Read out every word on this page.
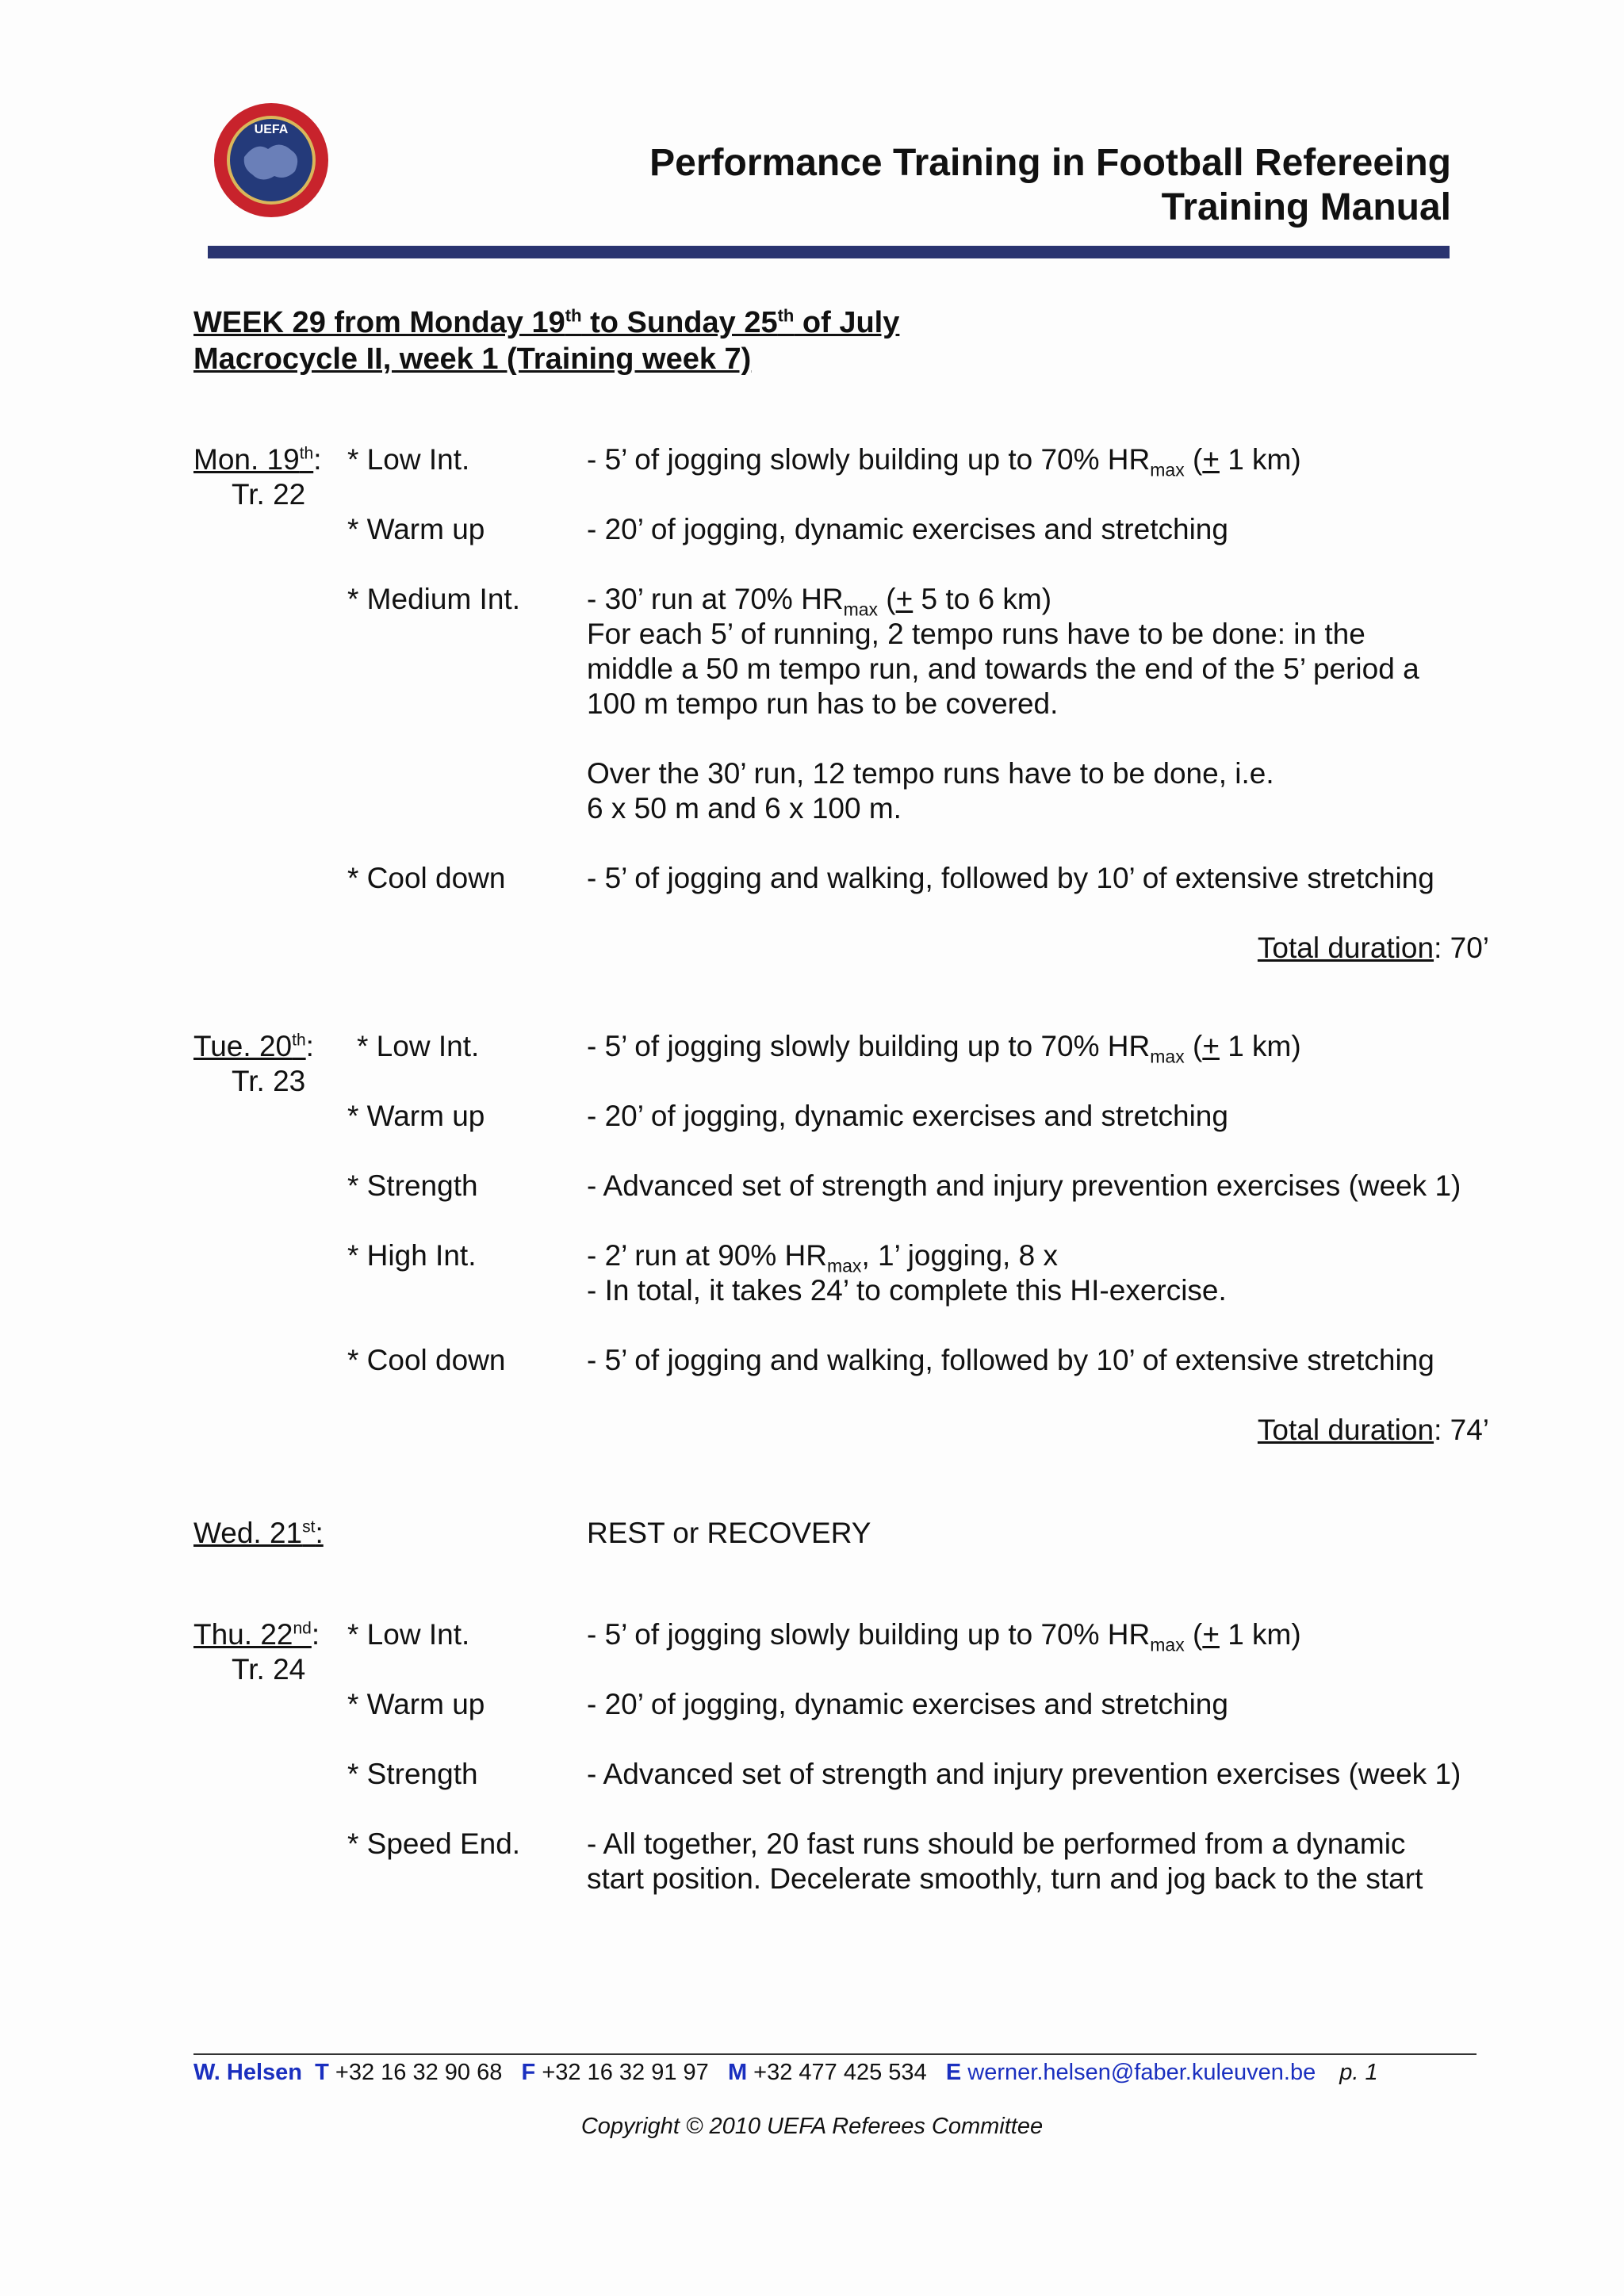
UEFA
Performance Training in Football Refereeing
Training Manual
WEEK 29 from Monday 19th to Sunday 25th of July
Macrocycle II, week 1 (Training week 7)
Mon. 19th:
Tr. 22
* Low Int.	- 5’ of jogging slowly building up to 70% $HR_{max}$ (+ 1 km)
* Warm up	- 20’ of jogging, dynamic exercises and stretching
* Medium Int. - 30’ run at 70% $HR_{max}$ (+ 5 to 6 km)
For each 5’ of running, 2 tempo runs have to be done: in the
middle a 50 m tempo run, and towards the end of the 5’ period a
100 m tempo run has to be covered.
Over the 30’ run, 12 tempo runs have to be done, i.e.
6 x 50 m and 6 x 100 m.
* Cool down	- 5’ of jogging and walking, followed by 10’ of extensive stretching
Total duration: 70’
Tue. 20th:
Tr. 23
* Low Int.	- 5’ of jogging slowly building up to 70% $HR_{max}$ (+ 1 km)
* Warm up	- 20’ of jogging, dynamic exercises and stretching
* Strength	- Advanced set of strength and injury prevention exercises (week 1)
* High Int.	- 2’ run at 90% $HR_{max}$, 1’ jogging, 8 x
- In total, it takes 24’ to complete this HI-exercise.
* Cool down	- 5’ of jogging and walking, followed by 10’ of extensive stretching
Total duration: 74’
Wed. 21st:	REST or RECOVERY
Thu. 22nd:
Tr. 24
* Low Int.	- 5’ of jogging slowly building up to 70% $HR_{max}$ (+ 1 km)
* Warm up	- 20’ of jogging, dynamic exercises and stretching
* Strength	- Advanced set of strength and injury prevention exercises (week 1)
* Speed End. - All together, 20 fast runs should be performed from a dynamic
start position. Decelerate smoothly, turn and jog back to the start
W. Helsen T +32 16 32 90 68 F +32 16 32 91 97 M +32 477 425 534 E werner.helsen@faber.kuleuven.be p. 1
Copyright © 2010 UEFA Referees Committee
